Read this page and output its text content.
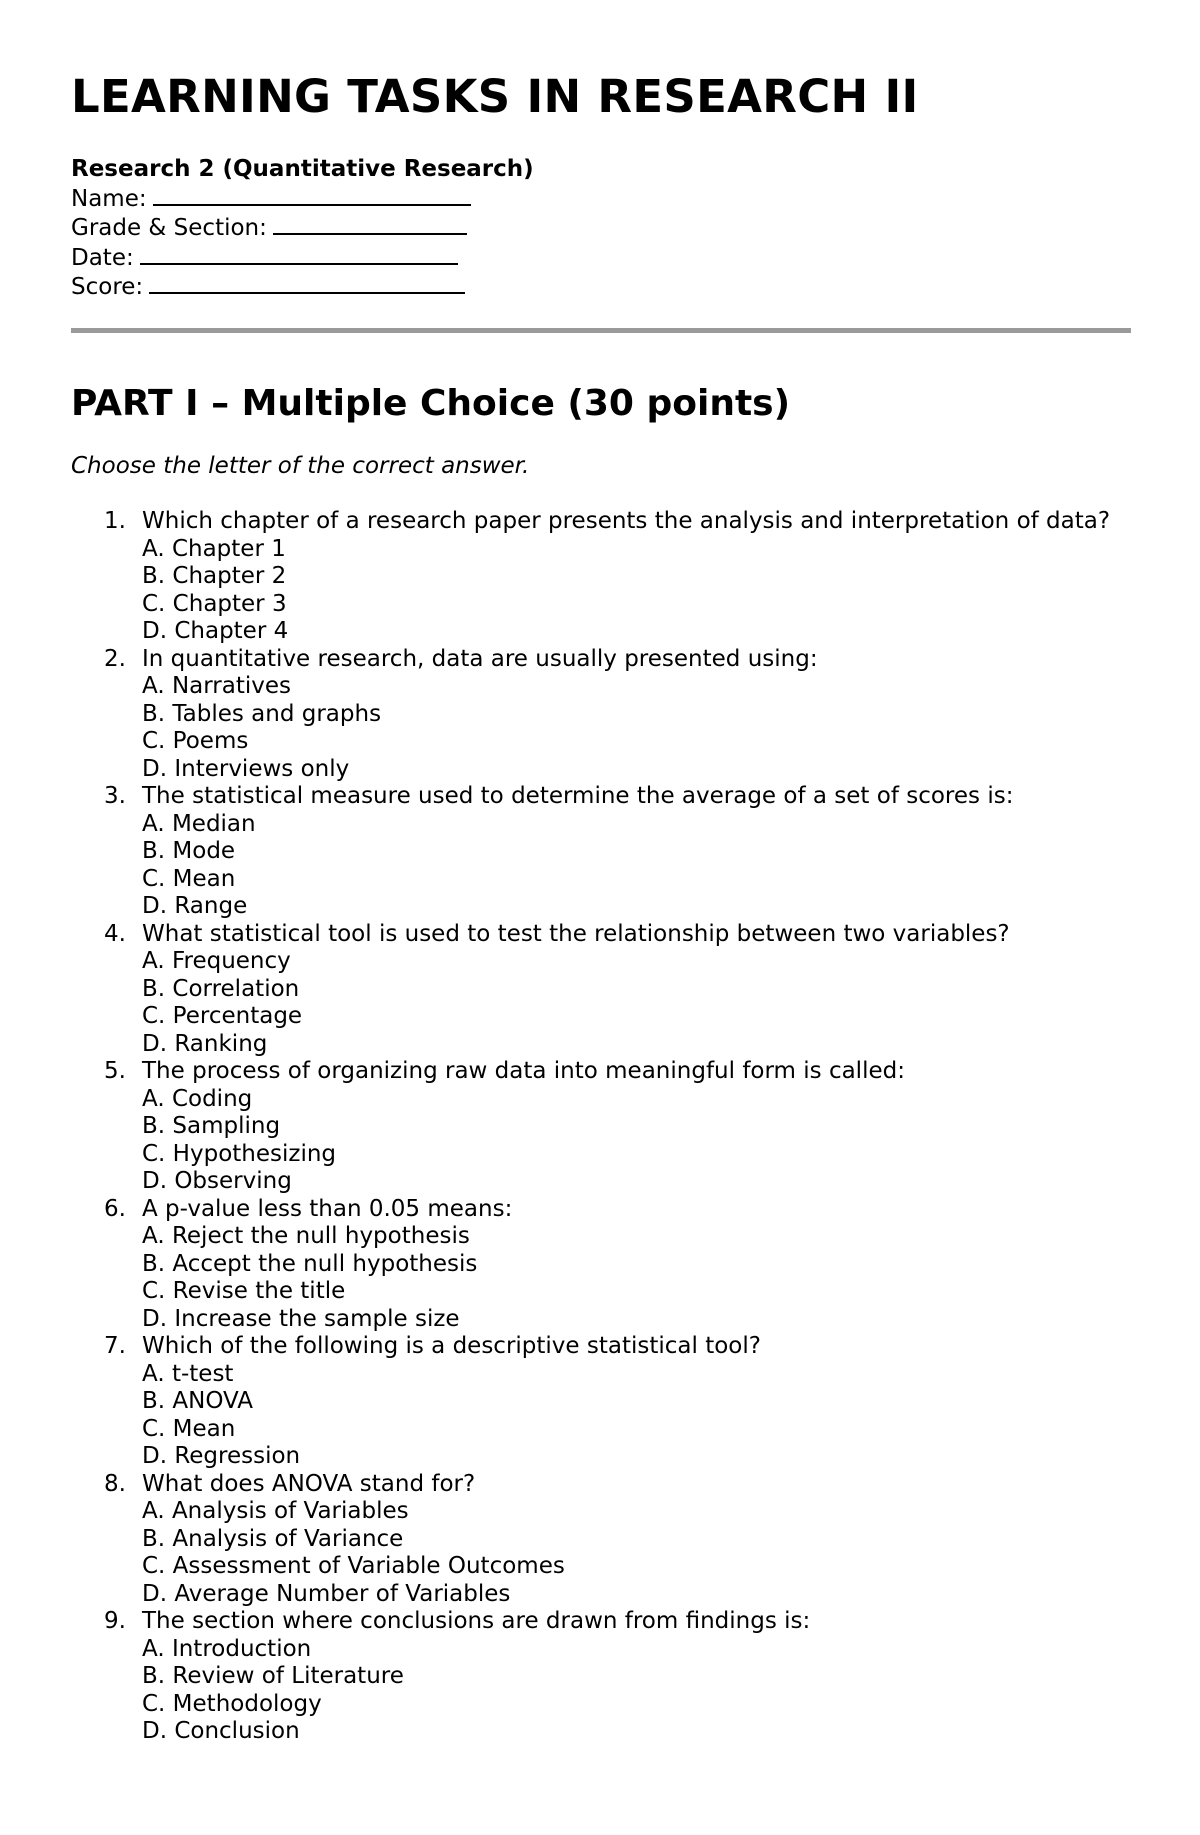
LEARNING TASKS IN RESEARCH II
Research 2 (Quantitative Research)
Name:
Grade & Section:
Date:
Score:
PART I – Multiple Choice (30 points)
Choose the letter of the correct answer.
1. Which chapter of a research paper presents the analysis and interpretation of data?
A. Chapter 1
B. Chapter 2
C. Chapter 3
D. Chapter 4
2. In quantitative research, data are usually presented using:
A. Narratives
B. Tables and graphs
C. Poems
D. Interviews only
3. The statistical measure used to determine the average of a set of scores is:
A. Median
B. Mode
C. Mean
D. Range
4. What statistical tool is used to test the relationship between two variables?
A. Frequency
B. Correlation
C. Percentage
D. Ranking
5. The process of organizing raw data into meaningful form is called:
A. Coding
B. Sampling
C. Hypothesizing
D. Observing
6. A p-value less than 0.05 means:
A. Reject the null hypothesis
B. Accept the null hypothesis
C. Revise the title
D. Increase the sample size
7. Which of the following is a descriptive statistical tool?
A. t-test
B. ANOVA
C. Mean
D. Regression
8. What does ANOVA stand for?
A. Analysis of Variables
B. Analysis of Variance
C. Assessment of Variable Outcomes
D. Average Number of Variables
9. The section where conclusions are drawn from findings is:
A. Introduction
B. Review of Literature
C. Methodology
D. Conclusion
